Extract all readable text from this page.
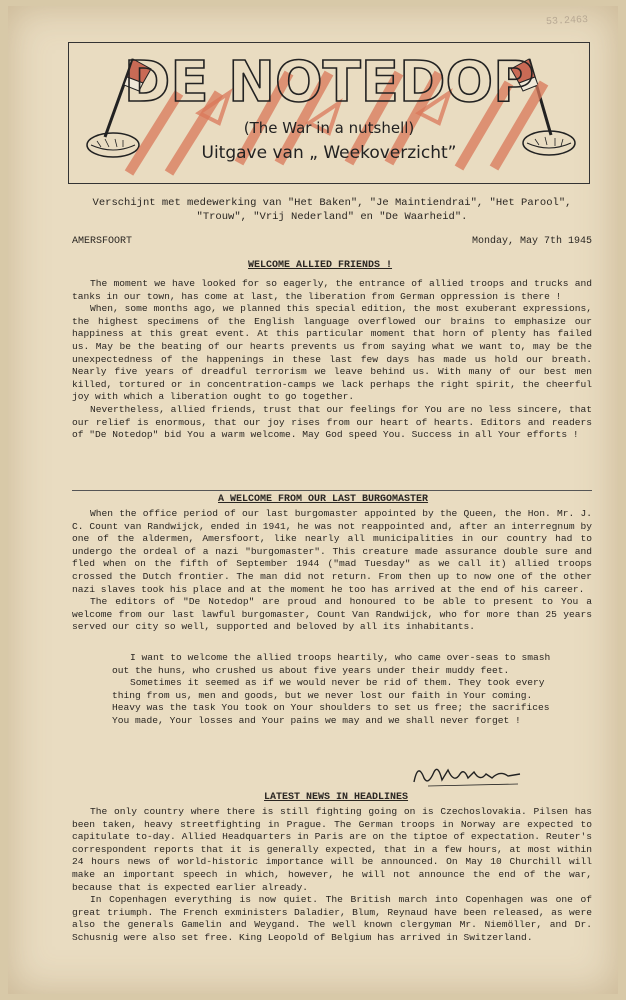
53.2463
DE NOTEDOP
(The War in a nutshell)
Uitgave van „ Weekoverzicht”
Verschijnt met medewerking van "Het Baken", "Je Maintiendrai", "Het Parool",
"Trouw", "Vrij Nederland" en "De Waarheid".
AMERSFOORT	Monday, May 7th 1945
WELCOME ALLIED FRIENDS !

The moment we have looked for so eagerly, the entrance of allied troops and trucks and tanks in our town, has come at last, the liberation from German oppression is there !

When, some months ago, we planned this special edition, the most exuberant expressions, the highest specimens of the English language overflowed our brains to emphasize our happiness at this great event. At this particular moment that horn of plenty has failed us. May be the beating of our hearts prevents us from saying what we want to, may be the unexpectedness of the happenings in these last few days has made us hold our breath. Nearly five years of dreadful terrorism we leave behind us. With many of our best men killed, tortured or in concentration-camps we lack perhaps the right spirit, the cheerful joy with which a liberation ought to go together.

Nevertheless, allied friends, trust that our feelings for You are no less sincere, that our relief is enormous, that our joy rises from our heart of hearts. Editors and readers of "De Notedop" bid You a warm welcome. May God speed You. Success in all Your efforts !

A WELCOME FROM OUR LAST BURGOMASTER

When the office period of our last burgomaster appointed by the Queen, the Hon. Mr. J. C. Count van Randwijck, ended in 1941, he was not reappointed and, after an interregnum by one of the aldermen, Amersfoort, like nearly all municipalities in our country had to undergo the ordeal of a nazi "burgomaster". This creature made assurance double sure and fled when on the fifth of September 1944 ("mad Tuesday" as we call it) allied troops crossed the Dutch frontier. The man did not return. From then up to now one of the other nazi slaves took his place and at the moment he too has arrived at the end of his career.

The editors of "De Notedop" are proud and honoured to be able to present to You a welcome from our last lawful burgomaster, Count Van Randwijck, who for more than 25 years served our city so well, supported and beloved by all its inhabitants.

I want to welcome the allied troops heartily, who came over-seas to smash out the huns, who crushed us about five years under their muddy feet.

Sometimes it seemed as if we would never be rid of them. They took every thing from us, men and goods, but we never lost our faith in Your coming. Heavy was the task You took on Your shoulders to set us free; the sacrifices You made, Your losses and Your pains we may and we shall never forget !

LATEST NEWS IN HEADLINES

The only country where there is still fighting going on is Czechoslovakia. Pilsen has been taken, heavy streetfighting in Prague. The German troops in Norway are expected to capitulate to-day. Allied Headquarters in Paris are on the tiptoe of expectation. Reuter's correspondent reports that it is generally expected, that in a few hours, at most within 24 hours news of world-historic importance will be announced. On May 10 Churchill will make an important speech in which, however, he will not announce the end of the war, because that is expected earlier already.

In Copenhagen everything is now quiet. The British march into Copenhagen was one of great triumph. The French exministers Daladier, Blum, Reynaud have been released, as were also the generals Gamelin and Weygand. The well known clergyman Mr. Niemöller, and Dr. Schusnig were also set free. King Leopold of Belgium has arrived in Switzerland.
